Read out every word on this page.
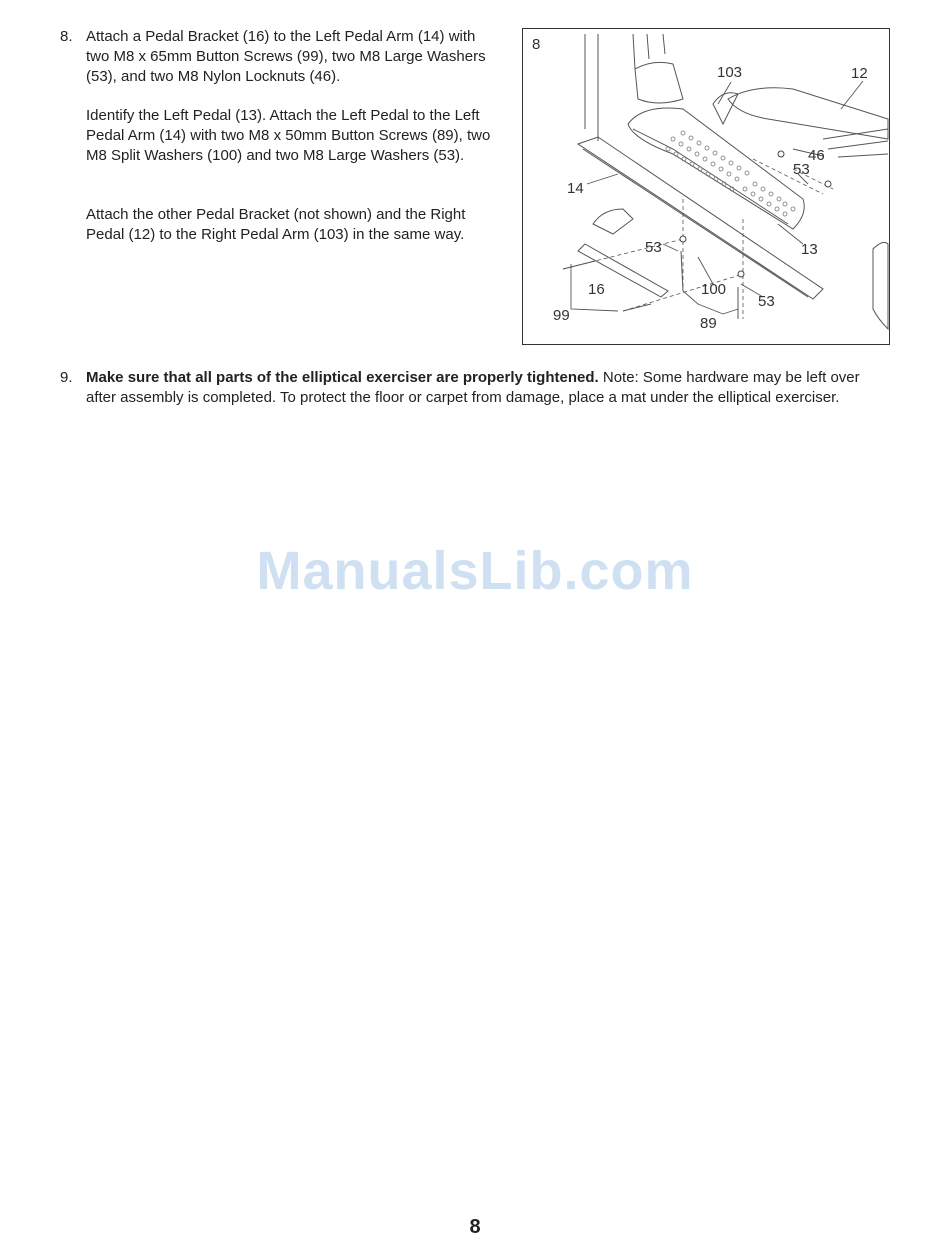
8. Attach a Pedal Bracket (16) to the Left Pedal Arm (14) with two M8 x 65mm Button Screws (99), two M8 Large Washers (53), and two M8 Nylon Locknuts (46).

Identify the Left Pedal (13). Attach the Left Pedal to the Left Pedal Arm (14) with two M8 x 50mm Button Screws (89), two M8 Split Washers (100) and two M8 Large Washers (53).

Attach the other Pedal Bracket (not shown) and the Right Pedal (12) to the Right Pedal Arm (103) in the same way.

8
103	12
46
53
14
53	13
16	100
53
99	89
9. Make sure that all parts of the elliptical exerciser are properly tightened. Note: Some hardware may be left over after assembly is completed. To protect the floor or carpet from damage, place a mat under the elliptical exerciser.

ManualsLib.com
8
